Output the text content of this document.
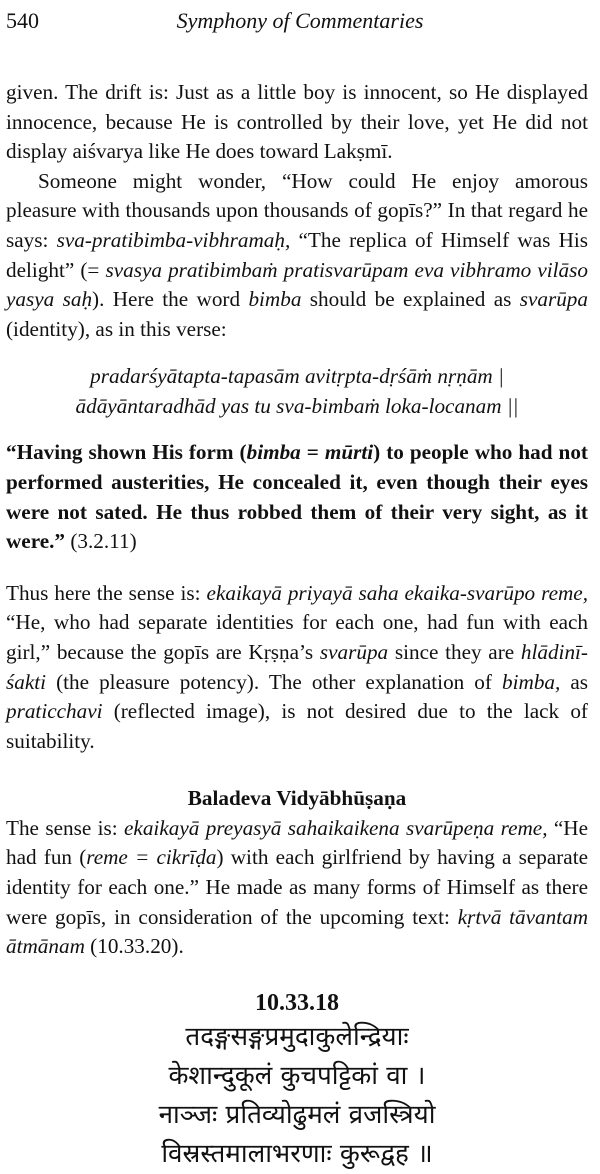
540	Symphony of Commentaries

given. The drift is: Just as a little boy is innocent, so He displayed innocence, because He is controlled by their love, yet He did not display aiśvarya like He does toward Lakṣmī.

Someone might wonder, “How could He enjoy amorous pleasure with thousands upon thousands of gopīs?” In that regard he says: sva-pratibimba-vibhramaḥ, “The replica of Himself was His delight” (= svasya pratibimbaṁ pratisvarūpam eva vibhramo vilāso yasya saḥ). Here the word bimba should be explained as svarūpa (identity), as in this verse:

pradarśyātapta-tapasām avitṛpta-dṛśāṁ nṛṇām |
ādāyāntaradhād yas tu sva-bimbaṁ loka-locanam ||

“Having shown His form (bimba = mūrti) to people who had not performed austerities, He concealed it, even though their eyes were not sated. He thus robbed them of their very sight, as it were.” (3.2.11)

Thus here the sense is: ekaikayā priyayā saha ekaika-svarūpo reme, “He, who had separate identities for each one, had fun with each girl,” because the gopīs are Kṛṣṇa’s svarūpa since they are hlādinī-śakti (the pleasure potency). The other explanation of bimba, as praticchavi (reflected image), is not desired due to the lack of suitability.

Baladeva Vidyābhūṣaṇa

The sense is: ekaikayā preyasyā sahaikaikena svarūpeṇa reme, “He had fun (reme = cikrīḍa) with each girlfriend by having a separate identity for each one.” He made as many forms of Himself as there were gopīs, in consideration of the upcoming text: kṛtvā tāvantam ātmānam (10.33.20).

10.33.18

तदङ्गसङ्गप्रमुदाकुलेन्द्रियाः
केशान्दुकूलं कुचपट्टिकां वा ।
नाञ्जः प्रतिव्योढुमलं व्रजस्त्रियो
विस्रस्तमालाभरणाः कुरूद्वह ॥
